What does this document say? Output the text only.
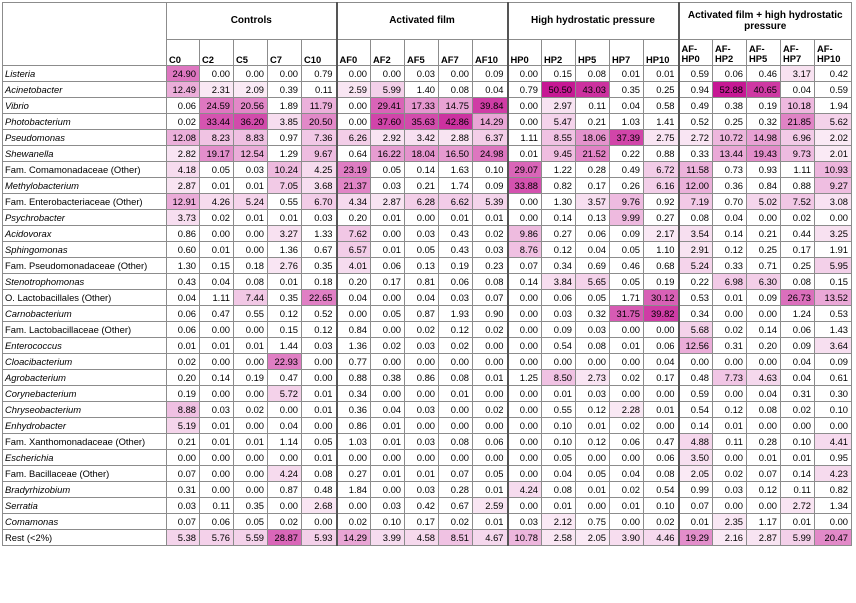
	Controls					Activated film					High hydrostatic pressure					Activated film + high hydrostatic pressure				
	C0	C2	C5	C7	C10	AF0	AF2	AF5	AF7	AF10	HP0	HP2	HP5	HP7	HP10	AF-HP0	AF-HP2	AF-HP5	AF-HP7	AF-HP10
Listeria	24.90	0.00	0.00	0.00	0.79	0.00	0.00	0.03	0.00	0.09	0.00	0.15	0.08	0.01	0.01	0.59	0.06	0.46	3.17	0.42
Acinetobacter	12.49	2.31	2.09	0.39	0.11	2.59	5.99	1.40	0.08	0.04	0.79	50.50	43.03	0.35	0.25	0.94	52.88	40.65	0.04	0.59
Vibrio	0.06	24.59	20.56	1.89	11.79	0.00	29.41	17.33	14.75	39.84	0.00	2.97	0.11	0.04	0.58	0.49	0.38	0.19	10.18	1.94
Photobacterium	0.02	33.44	36.20	3.85	20.50	0.00	37.60	35.63	42.86	14.29	0.00	5.47	0.21	1.03	1.41	0.52	0.25	0.32	21.85	5.62
Pseudomonas	12.08	8.23	8.83	0.97	7.36	6.26	2.92	3.42	2.88	6.37	1.11	8.55	18.06	37.39	2.75	2.72	10.72	14.98	6.96	2.02
Shewanella	2.82	19.17	12.54	1.29	9.67	0.64	16.22	18.04	16.50	24.98	0.01	9.45	21.52	0.22	0.88	0.33	13.44	19.43	9.73	2.01
Fam. Comamonadaceae (Other)	4.18	0.05	0.03	10.24	4.25	23.19	0.05	0.14	1.63	0.10	29.07	1.22	0.28	0.49	6.72	11.58	0.73	0.93	1.11	10.93
Methylobacterium	2.87	0.01	0.01	7.05	3.68	21.37	0.03	0.21	1.74	0.09	33.88	0.82	0.17	0.26	6.16	12.00	0.36	0.84	0.88	9.27
Fam. Enterobacteriaceae (Other)	12.91	4.26	5.24	0.55	6.70	4.34	2.87	6.28	6.62	5.39	0.00	1.30	3.57	9.76	0.92	7.19	0.70	5.02	7.52	3.08
Psychrobacter	3.73	0.02	0.01	0.01	0.03	0.20	0.01	0.00	0.01	0.01	0.00	0.14	0.13	9.99	0.27	0.08	0.04	0.00	0.02	0.00
Acidovorax	0.86	0.00	0.00	3.27	1.33	7.62	0.00	0.03	0.43	0.02	9.86	0.27	0.06	0.09	2.17	3.54	0.14	0.21	0.44	3.25
Sphingomonas	0.60	0.01	0.00	1.36	0.67	6.57	0.01	0.05	0.43	0.03	8.76	0.12	0.04	0.05	1.10	2.91	0.12	0.25	0.17	1.91
Fam. Pseudomonadaceae (Other)	1.30	0.15	0.18	2.76	0.35	4.01	0.06	0.13	0.19	0.23	0.07	0.34	0.69	0.46	0.68	5.24	0.33	0.71	0.25	5.95
Stenotrophomonas	0.43	0.04	0.08	0.01	0.18	0.20	0.17	0.81	0.06	0.08	0.14	3.84	5.65	0.05	0.19	0.22	6.98	6.30	0.08	0.15
O. Lactobacillales (Other)	0.04	1.11	7.44	0.35	22.65	0.04	0.00	0.04	0.03	0.07	0.00	0.06	0.05	1.71	30.12	0.53	0.01	0.09	26.73	13.52
Carnobacterium	0.06	0.47	0.55	0.12	0.52	0.00	0.05	0.87	1.93	0.90	0.00	0.03	0.32	31.75	39.82	0.34	0.00	0.00	1.24	0.53
Fam. Lactobacillaceae (Other)	0.06	0.00	0.00	0.15	0.12	0.84	0.00	0.02	0.12	0.02	0.00	0.09	0.03	0.00	0.00	5.68	0.02	0.14	0.06	1.43
Enterococcus	0.01	0.01	0.01	1.44	0.03	1.36	0.02	0.03	0.02	0.00	0.00	0.54	0.08	0.01	0.06	12.56	0.31	0.20	0.09	3.64
Cloacibacterium	0.02	0.00	0.00	22.93	0.00	0.77	0.00	0.00	0.00	0.00	0.00	0.00	0.00	0.00	0.04	0.00	0.00	0.00	0.04	0.09
Agrobacterium	0.20	0.14	0.19	0.47	0.00	0.88	0.38	0.86	0.08	0.01	1.25	8.50	2.73	0.02	0.17	0.48	7.73	4.63	0.04	0.61
Corynebacterium	0.19	0.00	0.00	5.72	0.01	0.34	0.00	0.00	0.01	0.00	0.00	0.01	0.03	0.00	0.00	0.59	0.00	0.04	0.31	0.30
Chryseobacterium	8.88	0.03	0.02	0.00	0.01	0.36	0.04	0.03	0.00	0.02	0.00	0.55	0.12	2.28	0.01	0.54	0.12	0.08	0.02	0.10
Enhydrobacter	5.19	0.01	0.00	0.04	0.00	0.86	0.01	0.00	0.00	0.00	0.00	0.10	0.01	0.02	0.00	0.14	0.01	0.00	0.00	0.00
Fam. Xanthomonadaceae (Other)	0.21	0.01	0.01	1.14	0.05	1.03	0.01	0.03	0.08	0.06	0.00	0.10	0.12	0.06	0.47	4.88	0.11	0.28	0.10	4.41
Escherichia	0.00	0.00	0.00	0.00	0.01	0.00	0.00	0.00	0.00	0.00	0.00	0.05	0.00	0.00	0.06	3.50	0.00	0.01	0.01	0.95
Fam. Bacillaceae (Other)	0.07	0.00	0.00	4.24	0.08	0.27	0.01	0.01	0.07	0.05	0.00	0.04	0.05	0.04	0.08	2.05	0.02	0.07	0.14	4.23
Bradyrhizobium	0.31	0.00	0.00	0.87	0.48	1.84	0.00	0.03	0.28	0.01	4.24	0.08	0.01	0.02	0.54	0.99	0.03	0.12	0.11	0.82
Serratia	0.03	0.11	0.35	0.00	2.68	0.00	0.03	0.42	0.67	2.59	0.00	0.01	0.00	0.01	0.10	0.07	0.00	0.00	2.72	1.34
Comamonas	0.07	0.06	0.05	0.02	0.00	0.02	0.10	0.17	0.02	0.01	0.03	2.12	0.75	0.00	0.02	0.01	2.35	1.17	0.01	0.00
Rest (<2%)	5.38	5.76	5.59	28.87	5.93	14.29	3.99	4.58	8.51	4.67	10.78	2.58	2.05	3.90	4.46	19.29	2.16	2.87	5.99	20.47
